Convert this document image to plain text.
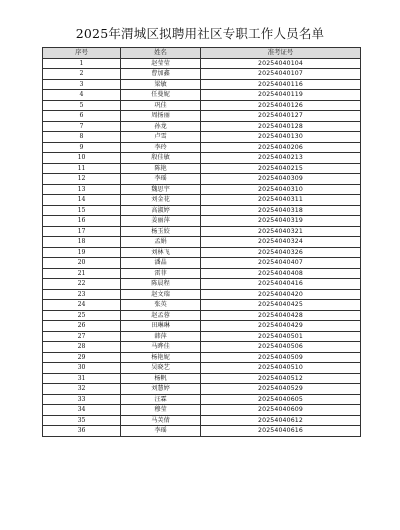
2025年渭城区拟聘用社区专职工作人员名单
序号	姓名	准考证号
1	赵莹莹	20254040104
2	曹加鑫	20254040107
3	梁敏	20254040116
4	任曼妮	20254040119
5	巩佳	20254040126
6	周扬丽	20254040127
7	孙龙	20254040128
8	卢雪	20254040130
9	李玲	20254040206
10	殷佳敏	20254040213
11	陈艳	20254040215
12	李瑶	20254040309
13	魏思宇	20254040310
14	刘金花	20254040311
15	高淑婷	20254040318
16	姜丽萍	20254040319
17	杨玉姣	20254040321
18	孟娟	20254040324
19	刘林飞	20254040326
20	潘晶	20254040407
21	雷菲	20254040408
22	陈晨程	20254040416
23	赵文瑞	20254040420
24	张英	20254040425
25	赵孟蓉	20254040428
26	田琳琳	20254040429
27	韩萍	20254040501
28	马晔佳	20254040506
29	杨艳妮	20254040509
30	吴晓艺	20254040510
31	杨帆	20254040512
32	刘慧婷	20254040529
33	汪霖	20254040605
34	穆莹	20254040609
35	马芙倩	20254040612
36	李瑶	20254040616
